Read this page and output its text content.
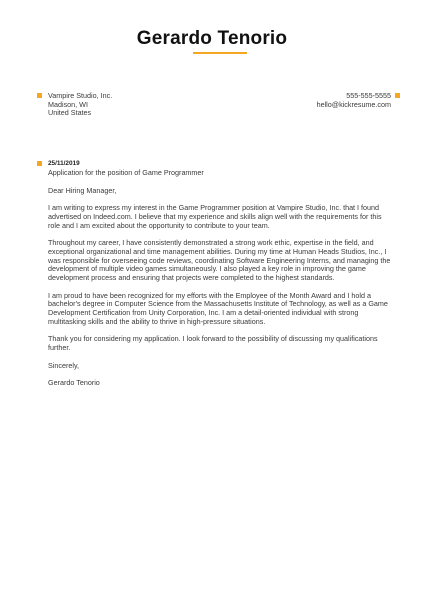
Gerardo Tenorio
Vampire Studio, Inc.
Madison, WI
United States
555-555-5555
hello@kickresume.com
25/11/2019

Application for the position of Game Programmer

Dear Hiring Manager,

I am writing to express my interest in the Game Programmer position at Vampire Studio, Inc. that I found advertised on Indeed.com. I believe that my experience and skills align well with the requirements for this role and I am excited about the opportunity to contribute to your team.

Throughout my career, I have consistently demonstrated a strong work ethic, expertise in the field, and exceptional organizational and time management abilities. During my time at Human Heads Studios, Inc., I was responsible for overseeing code reviews, coordinating Software Engineering Interns, and managing the development of multiple video games simultaneously. I also played a key role in improving the game development process and ensuring that projects were completed to the highest standards.

I am proud to have been recognized for my efforts with the Employee of the Month Award and I hold a bachelor's degree in Computer Science from the Massachusetts Institute of Technology, as well as a Game Development Certification from Unity Corporation, Inc. I am a detail-oriented individual with strong multitasking skills and the ability to thrive in high-pressure situations.

Thank you for considering my application. I look forward to the possibility of discussing my qualifications further.

Sincerely,

Gerardo Tenorio
